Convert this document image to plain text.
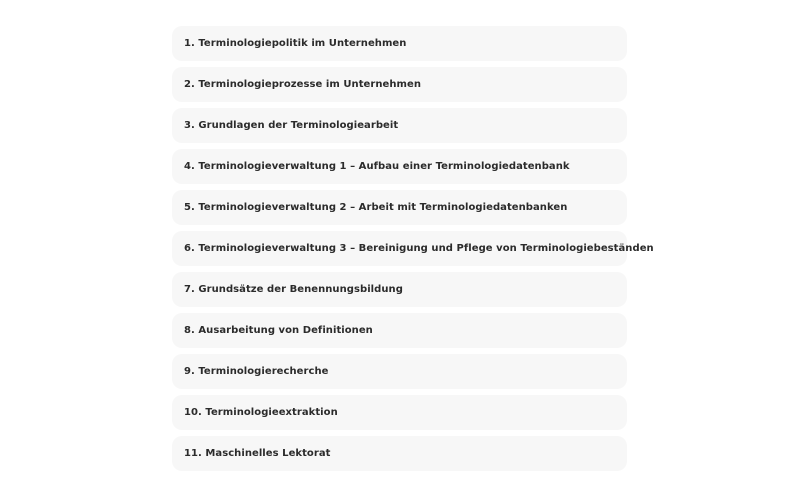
1. Terminologiepolitik im Unternehmen
2. Terminologieprozesse im Unternehmen
3. Grundlagen der Terminologiearbeit
4. Terminologieverwaltung 1 – Aufbau einer Terminologiedatenbank
5. Terminologieverwaltung 2 – Arbeit mit Terminologiedatenbanken
6. Terminologieverwaltung 3 – Bereinigung und Pflege von Terminologiebeständen
7. Grundsätze der Benennungsbildung
8. Ausarbeitung von Definitionen
9. Terminologierecherche
10. Terminologieextraktion
11. Maschinelles Lektorat
